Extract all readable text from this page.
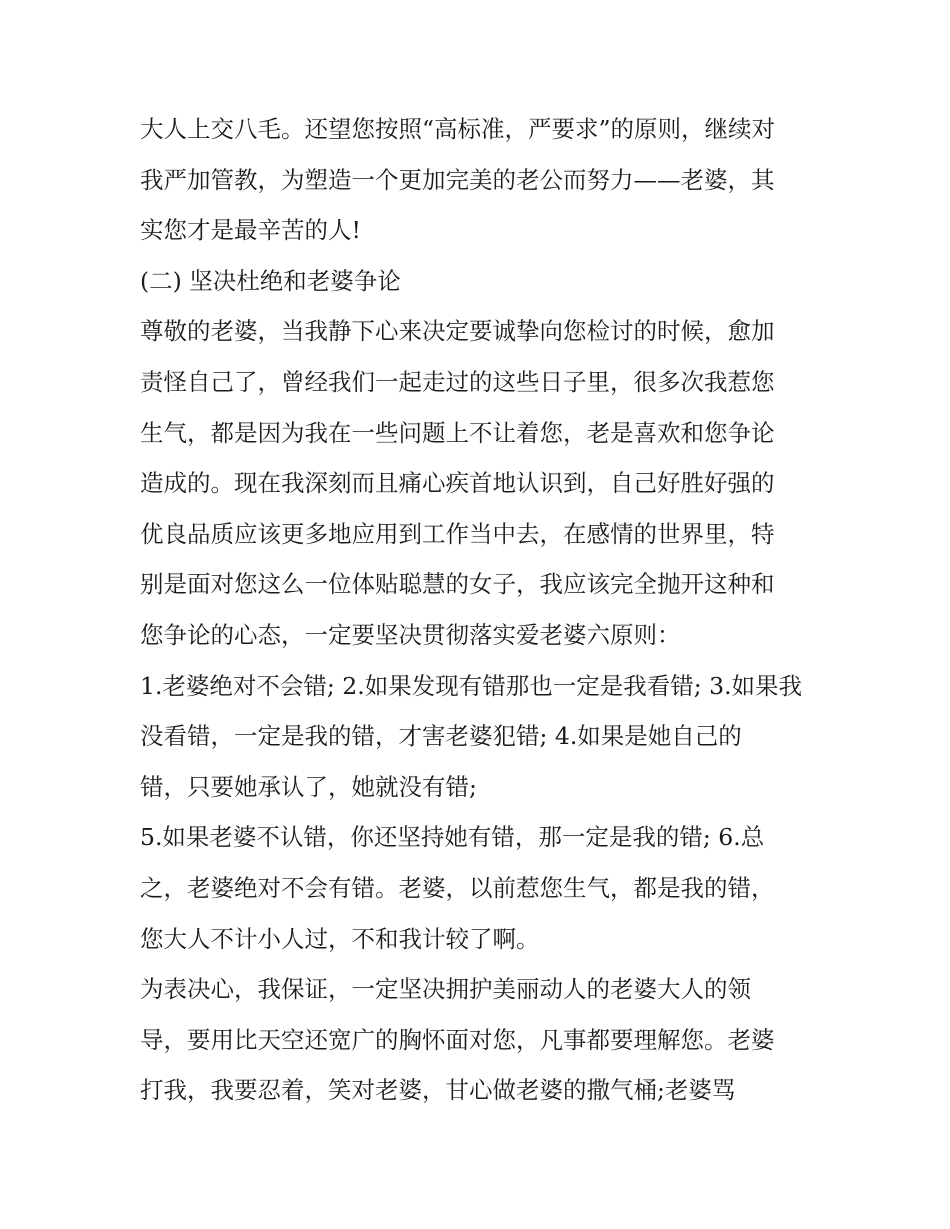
大人上交八毛。还望您按照“高标准，严要求”的原则，继续对
我严加管教，为塑造一个更加完美的老公而努力——老婆，其
实您才是最辛苦的人!
(二) 坚决杜绝和老婆争论
尊敬的老婆，当我静下心来决定要诚挚向您检讨的时候，愈加
责怪自己了，曾经我们一起走过的这些日子里，很多次我惹您
生气，都是因为我在一些问题上不让着您，老是喜欢和您争论
造成的。现在我深刻而且痛心疾首地认识到，自己好胜好强的
优良品质应该更多地应用到工作当中去，在感情的世界里，特
别是面对您这么一位体贴聪慧的女子，我应该完全抛开这种和
您争论的心态，一定要坚决贯彻落实爱老婆六原则：
1.老婆绝对不会错; 2.如果发现有错那也一定是我看错; 3.如果我
没看错，一定是我的错，才害老婆犯错; 4.如果是她自己的
错，只要她承认了，她就没有错;
5.如果老婆不认错，你还坚持她有错，那一定是我的错; 6.总
之，老婆绝对不会有错。老婆，以前惹您生气，都是我的错，
您大人不计小人过，不和我计较了啊。
为表决心，我保证，一定坚决拥护美丽动人的老婆大人的领
导，要用比天空还宽广的胸怀面对您，凡事都要理解您。老婆
打我，我要忍着，笑对老婆，甘心做老婆的撒气桶;老婆骂
